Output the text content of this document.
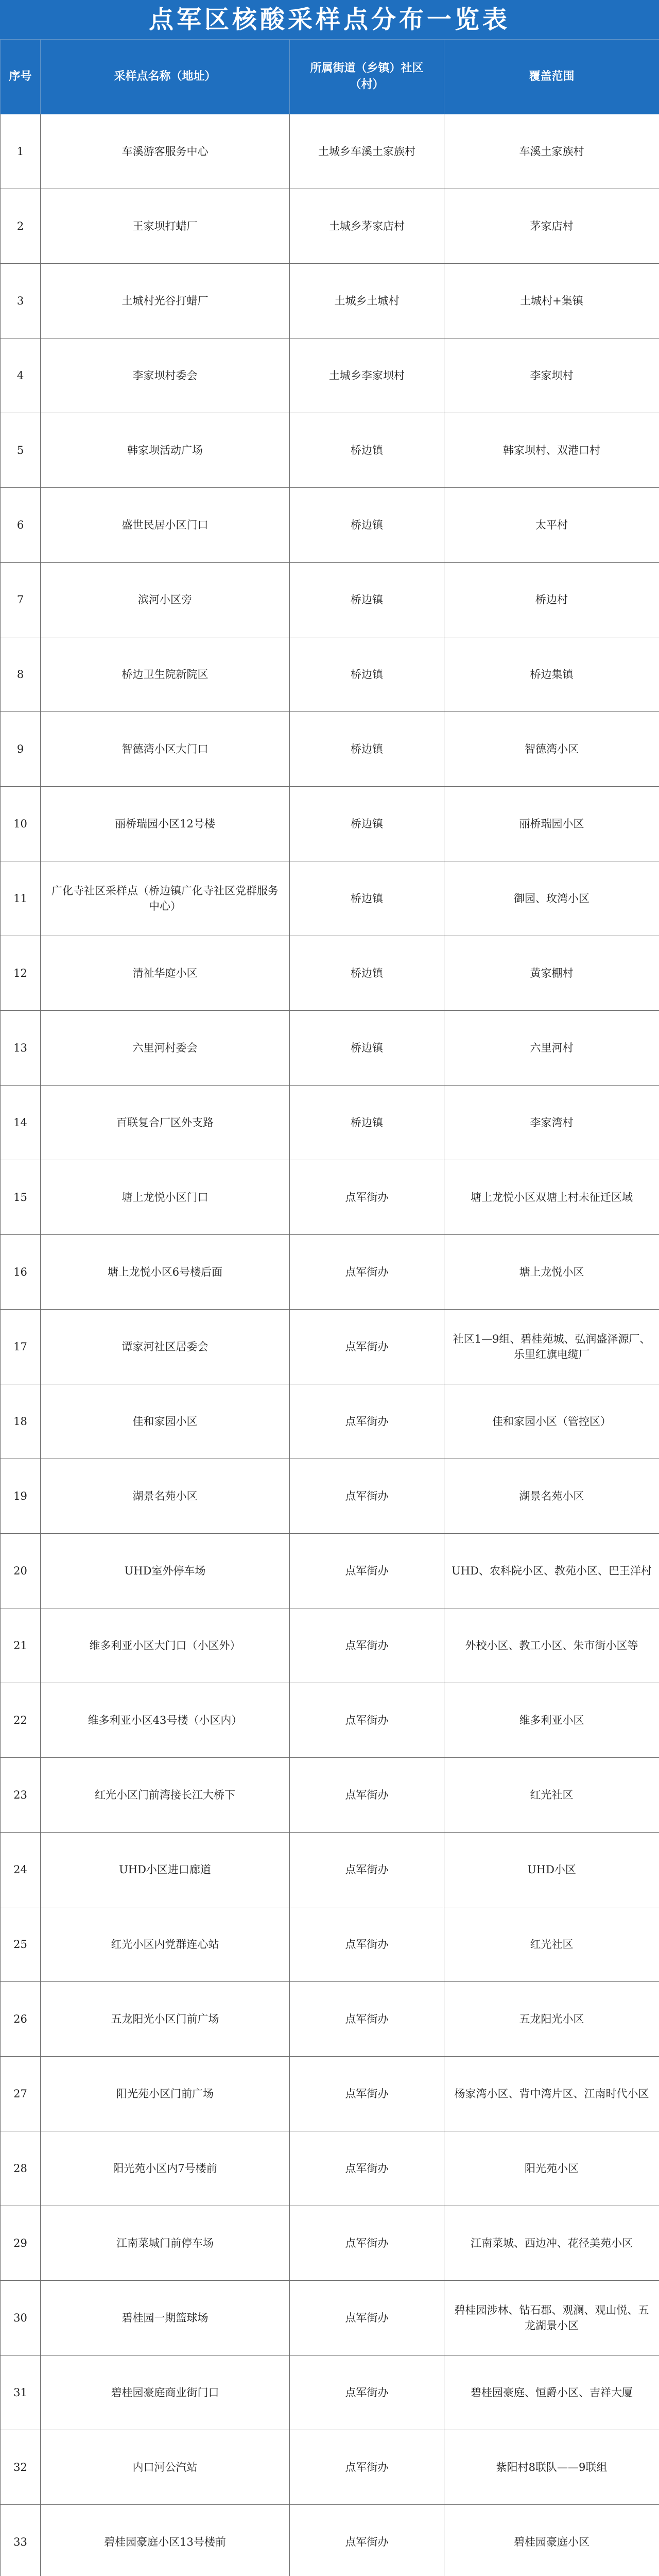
点军区核酸采样点分布一览表
序号	采样点名称（地址）	所属街道（乡镇）社区（村）	覆盖范围
1	车溪游客服务中心	土城乡车溪土家族村	车溪土家族村
2	王家坝打蜡厂	土城乡茅家店村	茅家店村
3	土城村光谷打蜡厂	土城乡土城村	土城村+集镇
4	李家坝村委会	土城乡李家坝村	李家坝村
5	韩家坝活动广场	桥边镇	韩家坝村、双港口村
6	盛世民居小区门口	桥边镇	太平村
7	滨河小区旁	桥边镇	桥边村
8	桥边卫生院新院区	桥边镇	桥边集镇
9	智德湾小区大门口	桥边镇	智德湾小区
10	丽桥瑞园小区12号楼	桥边镇	丽桥瑞园小区
11	广化寺社区采样点（桥边镇广化寺社区党群服务中心）	桥边镇	御园、玫湾小区
12	清祉华庭小区	桥边镇	黄家棚村
13	六里河村委会	桥边镇	六里河村
14	百联复合厂区外支路	桥边镇	李家湾村
15	塘上龙悦小区门口	点军街办	塘上龙悦小区双塘上村未征迁区域
16	塘上龙悦小区6号楼后面	点军街办	塘上龙悦小区
17	谭家河社区居委会	点军街办	社区1—9组、碧桂苑城、弘润盛泽源厂、乐里红旗电缆厂
18	佳和家园小区	点军街办	佳和家园小区（管控区）
19	湖景名苑小区	点军街办	湖景名苑小区
20	UHD室外停车场	点军街办	UHD、农科院小区、教苑小区、巴王洋村
21	维多利亚小区大门口（小区外）	点军街办	外校小区、教工小区、朱市街小区等
22	维多利亚小区43号楼（小区内）	点军街办	维多利亚小区
23	红光小区门前湾接长江大桥下	点军街办	红光社区
24	UHD小区进口廊道	点军街办	UHD小区
25	红光小区内党群连心站	点军街办	红光社区
26	五龙阳光小区门前广场	点军街办	五龙阳光小区
27	阳光苑小区门前广场	点军街办	杨家湾小区、背中湾片区、江南时代小区
28	阳光苑小区内7号楼前	点军街办	阳光苑小区
29	江南菜城门前停车场	点军街办	江南菜城、西边冲、花径美苑小区
30	碧桂园一期篮球场	点军街办	碧桂园涉林、钻石郡、观澜、观山悦、五龙湖景小区
31	碧桂园豪庭商业街门口	点军街办	碧桂园豪庭、恒爵小区、吉祥大厦
32	内口河公汽站	点军街办	紫阳村8联队——9联组
33	碧桂园豪庭小区13号楼前	点军街办	碧桂园豪庭小区
